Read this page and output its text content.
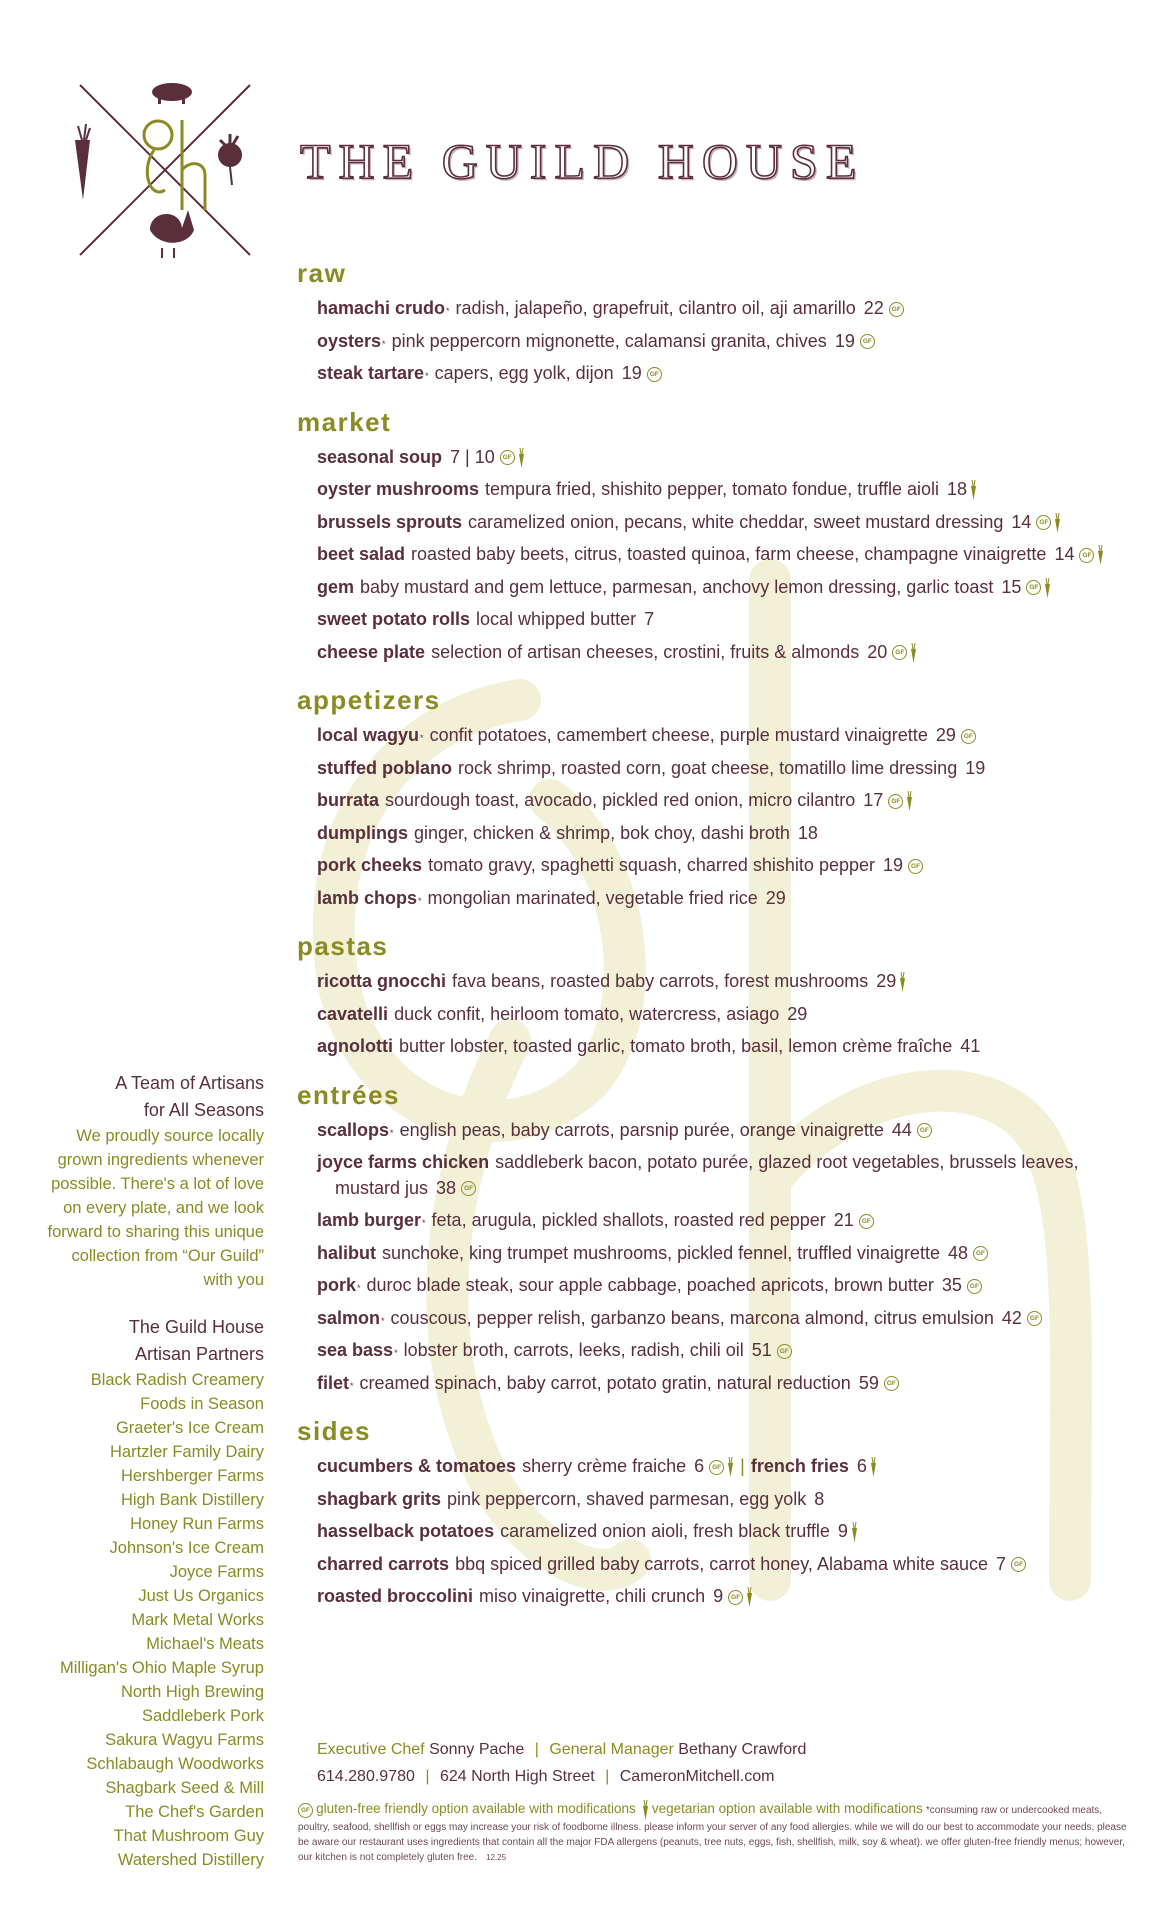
THE GUILD HOUSE
raw
hamachi crudo* radish, jalapeño, grapefruit, cilantro oil, aji amarillo 22 GF
oysters* pink peppercorn mignonette, calamansi granita, chives 19 GF
steak tartare* capers, egg yolk, dijon 19 GF
market
seasonal soup 7 | 10 GF
oyster mushrooms tempura fried, shishito pepper, tomato fondue, truffle aioli 18
brussels sprouts caramelized onion, pecans, white cheddar, sweet mustard dressing 14 GF
beet salad roasted baby beets, citrus, toasted quinoa, farm cheese, champagne vinaigrette 14 GF
gem baby mustard and gem lettuce, parmesan, anchovy lemon dressing, garlic toast 15 GF
sweet potato rolls local whipped butter 7
cheese plate selection of artisan cheeses, crostini, fruits & almonds 20 GF
appetizers
local wagyu* confit potatoes, camembert cheese, purple mustard vinaigrette 29 GF
stuffed poblano rock shrimp, roasted corn, goat cheese, tomatillo lime dressing 19
burrata sourdough toast, avocado, pickled red onion, micro cilantro 17 GF
dumplings ginger, chicken & shrimp, bok choy, dashi broth 18
pork cheeks tomato gravy, spaghetti squash, charred shishito pepper 19 GF
lamb chops* mongolian marinated, vegetable fried rice 29
pastas
ricotta gnocchi fava beans, roasted baby carrots, forest mushrooms 29
cavatelli duck confit, heirloom tomato, watercress, asiago 29
agnolotti butter lobster, toasted garlic, tomato broth, basil, lemon crème fraîche 41
entrées
scallops* english peas, baby carrots, parsnip purée, orange vinaigrette 44 GF
joyce farms chicken saddleberk bacon, potato purée, glazed root vegetables, brussels leaves, mustard jus 38 GF
lamb burger* feta, arugula, pickled shallots, roasted red pepper 21 GF
halibut sunchoke, king trumpet mushrooms, pickled fennel, truffled vinaigrette 48 GF
pork* duroc blade steak, sour apple cabbage, poached apricots, brown butter 35 GF
salmon* couscous, pepper relish, garbanzo beans, marcona almond, citrus emulsion 42 GF
sea bass* lobster broth, carrots, leeks, radish, chili oil 51 GF
filet* creamed spinach, baby carrot, potato gratin, natural reduction 59 GF
sides
cucumbers & tomatoes sherry crème fraiche 6 GF | french fries 6
shagbark grits pink peppercorn, shaved parmesan, egg yolk 8
hasselback potatoes caramelized onion aioli, fresh black truffle 9
charred carrots bbq spiced grilled baby carrots, carrot honey, Alabama white sauce 7 GF
roasted broccolini miso vinaigrette, chili crunch 9 GF
A Team of Artisans
for All Seasons
We proudly source locally grown ingredients whenever possible. There's a lot of love on every plate, and we look forward to sharing this unique collection from “Our Guild” with you
The Guild House
Artisan Partners
Black Radish Creamery
Foods in Season
Graeter's Ice Cream
Hartzler Family Dairy
Hershberger Farms
High Bank Distillery
Honey Run Farms
Johnson's Ice Cream
Joyce Farms
Just Us Organics
Mark Metal Works
Michael's Meats
Milligan's Ohio Maple Syrup
North High Brewing
Saddleberk Pork
Sakura Wagyu Farms
Schlabaugh Woodworks
Shagbark Seed & Mill
The Chef's Garden
That Mushroom Guy
Watershed Distillery
Executive Chef Sonny Pache | General Manager Bethany Crawford
614.280.9780 | 624 North High Street | CameronMitchell.com
GF gluten-free friendly option available with modifications vegetarian option available with modifications *consuming raw or undercooked meats, poultry, seafood, shellfish or eggs may increase your risk of foodborne illness. please inform your server of any food allergies. while we will do our best to accommodate your needs, please be aware our restaurant uses ingredients that contain all the major FDA allergens (peanuts, tree nuts, eggs, fish, shellfish, milk, soy & wheat). we offer gluten-free friendly menus; however, our kitchen is not completely gluten free. 12.25
